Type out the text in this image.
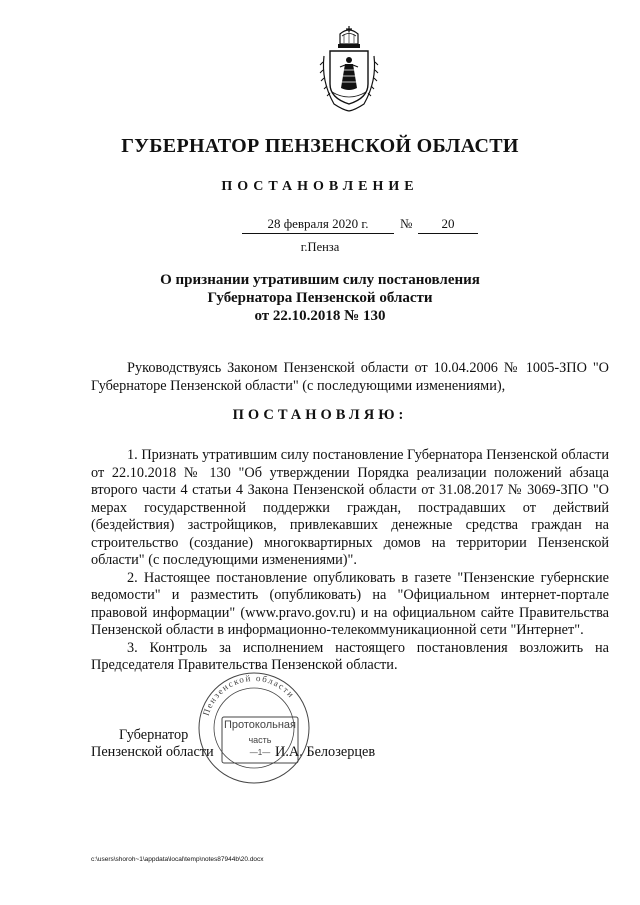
ГУБЕРНАТОР ПЕНЗЕНСКОЙ ОБЛАСТИ
ПОСТАНОВЛЕНИЕ
28 февраля 2020 г.	№	20
г.Пенза
О признании утратившим силу постановления
Губернатора Пензенской области
от 22.10.2018 № 130

Руководствуясь Законом Пензенской области от 10.04.2006 № 1005-ЗПО "О Губернаторе Пензенской области" (с последующими изменениями),

ПОСТАНОВЛЯЮ:

1. Признать утратившим силу постановление Губернатора Пензенской области от 22.10.2018 № 130 "Об утверждении Порядка реализации положений абзаца второго части 4 статьи 4 Закона Пензенской области от 31.08.2017 № 3069-ЗПО "О мерах государственной поддержки граждан, пострадавших от действий (бездействия) застройщиков, привлекавших денежные средства граждан на строительство (создание) многоквартирных домов на территории Пензенской области" (с последующими изменениями)".

2. Настоящее постановление опубликовать в газете "Пензенские губернские ведомости" и разместить (опубликовать) на "Официальном интернет-портале правовой информации" (www.pravo.gov.ru) и на официальном сайте Правительства Пензенской области в информационно-телекоммуникационной сети "Интернет".

3. Контроль за исполнением настоящего постановления возложить на Председателя Правительства Пензенской области.

Губернатор
Пензенской области	И.А. Белозерцев
Пензенской области
Протокольная
часть
—1—
c:\users\shoroh~1\appdata\local\temp\notes87944b\20.docx
